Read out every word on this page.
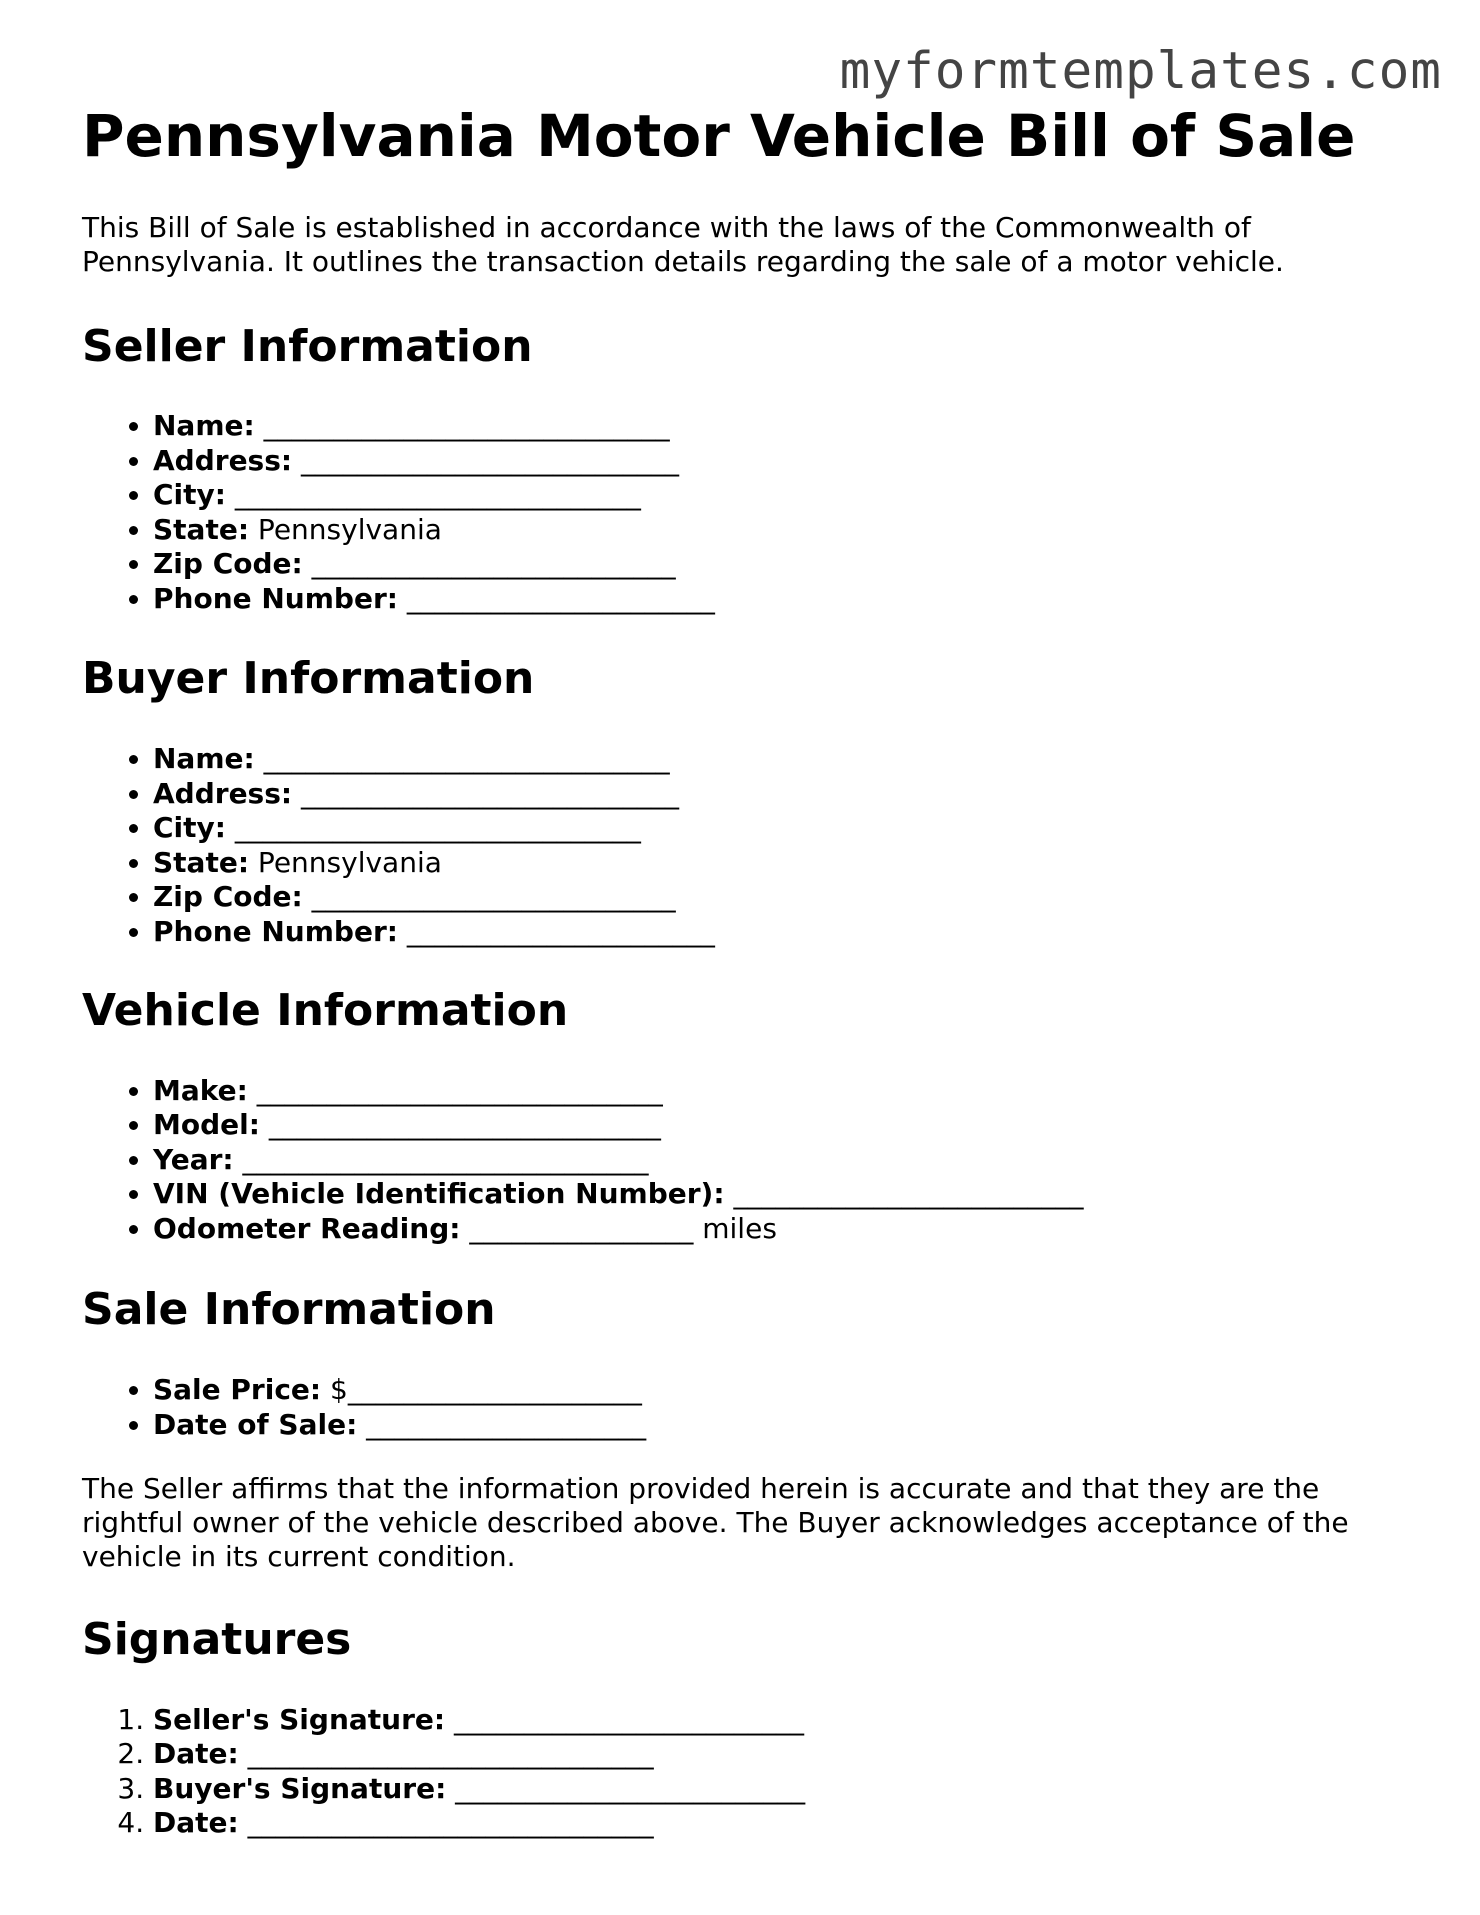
myformtemplates.com
Pennsylvania Motor Vehicle Bill of Sale

This Bill of Sale is established in accordance with the laws of the Commonwealth of Pennsylvania. It outlines the transaction details regarding the sale of a motor vehicle.

Seller Information
• Name: _____________________________
• Address: ___________________________
• City: _____________________________
• State: Pennsylvania
• Zip Code: __________________________
• Phone Number: ______________________
Buyer Information
• Name: _____________________________
• Address: ___________________________
• City: _____________________________
• State: Pennsylvania
• Zip Code: __________________________
• Phone Number: ______________________
Vehicle Information
• Make: _____________________________
• Model: ____________________________
• Year: _____________________________
• VIN (Vehicle Identification Number): _________________________
• Odometer Reading: ________________ miles
Sale Information
• Sale Price: $_____________________
• Date of Sale: ____________________

The Seller affirms that the information provided herein is accurate and that they are the rightful owner of the vehicle described above. The Buyer acknowledges acceptance of the vehicle in its current condition.

Signatures
1. Seller's Signature: _________________________
2. Date: _____________________________
3. Buyer's Signature: _________________________
4. Date: _____________________________
